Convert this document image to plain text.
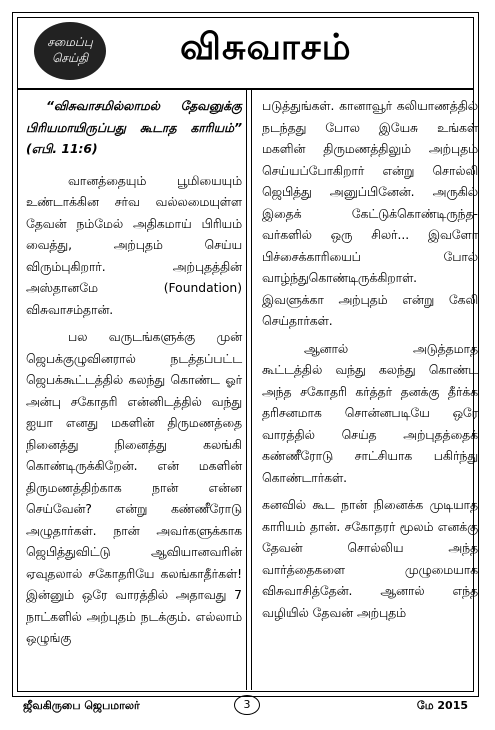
சமைப்பு
செய்தி	விசுவாசம்

“விசுவாசமில்லாமல் தேவனுக்கு பிரியமாயிருப்பது கூடாத காரியம்” (எபி. 11:6)

வானத்தையும் பூமியையும் உண்டாக்கின சர்வ வல்லமையுள்ள தேவன் நம்மேல் அதிகமாய் பிரியம் வைத்து, அற்புதம் செய்ய விரும்புகிறார். அற்புதத்தின் அஸ்தானமே (Foundation) விசுவாசம்தான்.

பல வருடங்களுக்கு முன் ஜெபக்குழுவினரால் நடத்தப்பட்ட ஜெபக்கூட்டத்தில் கலந்து கொண்ட ஓர் அன்பு சகோதரி என்னிடத்தில் வந்து ஐயா எனது மகளின் திருமணத்தை நினைத்து நினைத்து கலங்கி கொண்டிருக்கிறேன். என் மகளின் திருமணத்திற்காக நான் என்ன செய்வேன்? என்று கண்ணீரோடு அழுதார்கள். நான் அவர்களுக்காக ஜெபித்துவிட்டு ஆவியானவரின் ஏவுதலால் சகோதரியே கலங்காதீர்கள்! இன்னும் ஒரே வாரத்தில் அதாவது 7 நாட்களில் அற்புதம் நடக்கும். எல்லாம் ஒழுங்கு

படுத்துங்கள். கானாவூர் கலியாணத்தில் நடந்தது போல இயேசு உங்கள் மகளின் திருமணத்திலும் அற்புதம் செய்யப்போகிறார் என்று சொல்லி ஜெபித்து அனுப்பினேன். அருகில் இதைக் கேட்டுக்கொண்டிருந்த-வர்களில் ஒரு சிலர்... இவளோ பிச்சைக்காரியைப் போல் வாழ்ந்துகொண்டிருக்கிறாள். இவளுக்கா அற்புதம் என்று கேலி செய்தார்கள்.

ஆனால் அடுத்தமாத கூட்டத்தில் வந்து கலந்து கொண்ட அந்த சகோதரி கர்த்தர் தனக்கு தீர்க்க தரிசனமாக சொன்னபடியே ஒரே வாரத்தில் செய்த அற்புதத்தைக் கண்ணீரோடு சாட்சியாக பகிர்ந்து கொண்டார்கள்.

கனவில் கூட நான் நினைக்க முடியாத காரியம் தான். சகோதரர் மூலம் எனக்கு தேவன் சொல்லிய அந்த வார்த்தைகளை முழுமையாக விசுவாசித்தேன். ஆனால் எந்த வழியில் தேவன் அற்புதம்

ஜீவகிருபை ஜெபமாலர்	3	மே 2015
